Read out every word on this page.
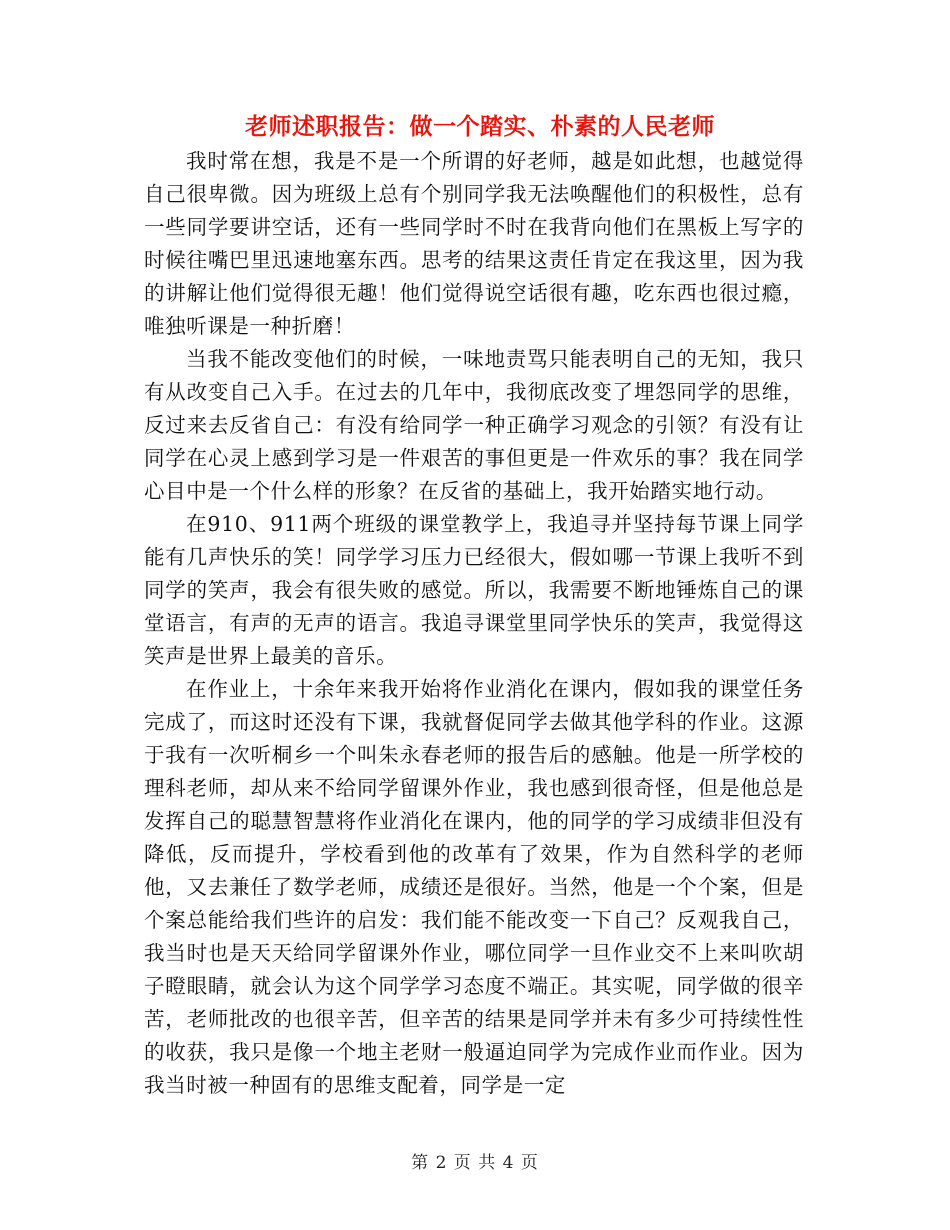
老师述职报告：做一个踏实、朴素的人民老师

我时常在想，我是不是一个所谓的好老师，越是如此想，也越觉得自己很卑微。因为班级上总有个别同学我无法唤醒他们的积极性，总有一些同学要讲空话，还有一些同学时不时在我背向他们在黑板上写字的时候往嘴巴里迅速地塞东西。思考的结果这责任肯定在我这里，因为我的讲解让他们觉得很无趣！他们觉得说空话很有趣，吃东西也很过瘾，唯独听课是一种折磨！

当我不能改变他们的时候，一味地责骂只能表明自己的无知，我只有从改变自己入手。在过去的几年中，我彻底改变了埋怨同学的思维，反过来去反省自己：有没有给同学一种正确学习观念的引领？有没有让同学在心灵上感到学习是一件艰苦的事但更是一件欢乐的事？我在同学心目中是一个什么样的形象？在反省的基础上，我开始踏实地行动。

在910、911两个班级的课堂教学上，我追寻并坚持每节课上同学能有几声快乐的笑！同学学习压力已经很大，假如哪一节课上我听不到同学的笑声，我会有很失败的感觉。所以，我需要不断地锤炼自己的课堂语言，有声的无声的语言。我追寻课堂里同学快乐的笑声，我觉得这笑声是世界上最美的音乐。

在作业上，十余年来我开始将作业消化在课内，假如我的课堂任务完成了，而这时还没有下课，我就督促同学去做其他学科的作业。这源于我有一次听桐乡一个叫朱永春老师的报告后的感触。他是一所学校的理科老师，却从来不给同学留课外作业，我也感到很奇怪，但是他总是发挥自己的聪慧智慧将作业消化在课内，他的同学的学习成绩非但没有降低，反而提升，学校看到他的改革有了效果，作为自然科学的老师他，又去兼任了数学老师，成绩还是很好。当然，他是一个个案，但是个案总能给我们些许的启发：我们能不能改变一下自己？反观我自己，我当时也是天天给同学留课外作业，哪位同学一旦作业交不上来叫吹胡子瞪眼睛，就会认为这个同学学习态度不端正。其实呢，同学做的很辛苦，老师批改的也很辛苦，但辛苦的结果是同学并未有多少可持续性性的收获，我只是像一个地主老财一般逼迫同学为完成作业而作业。因为我当时被一种固有的思维支配着，同学是一定

第 2 页 共 4 页
